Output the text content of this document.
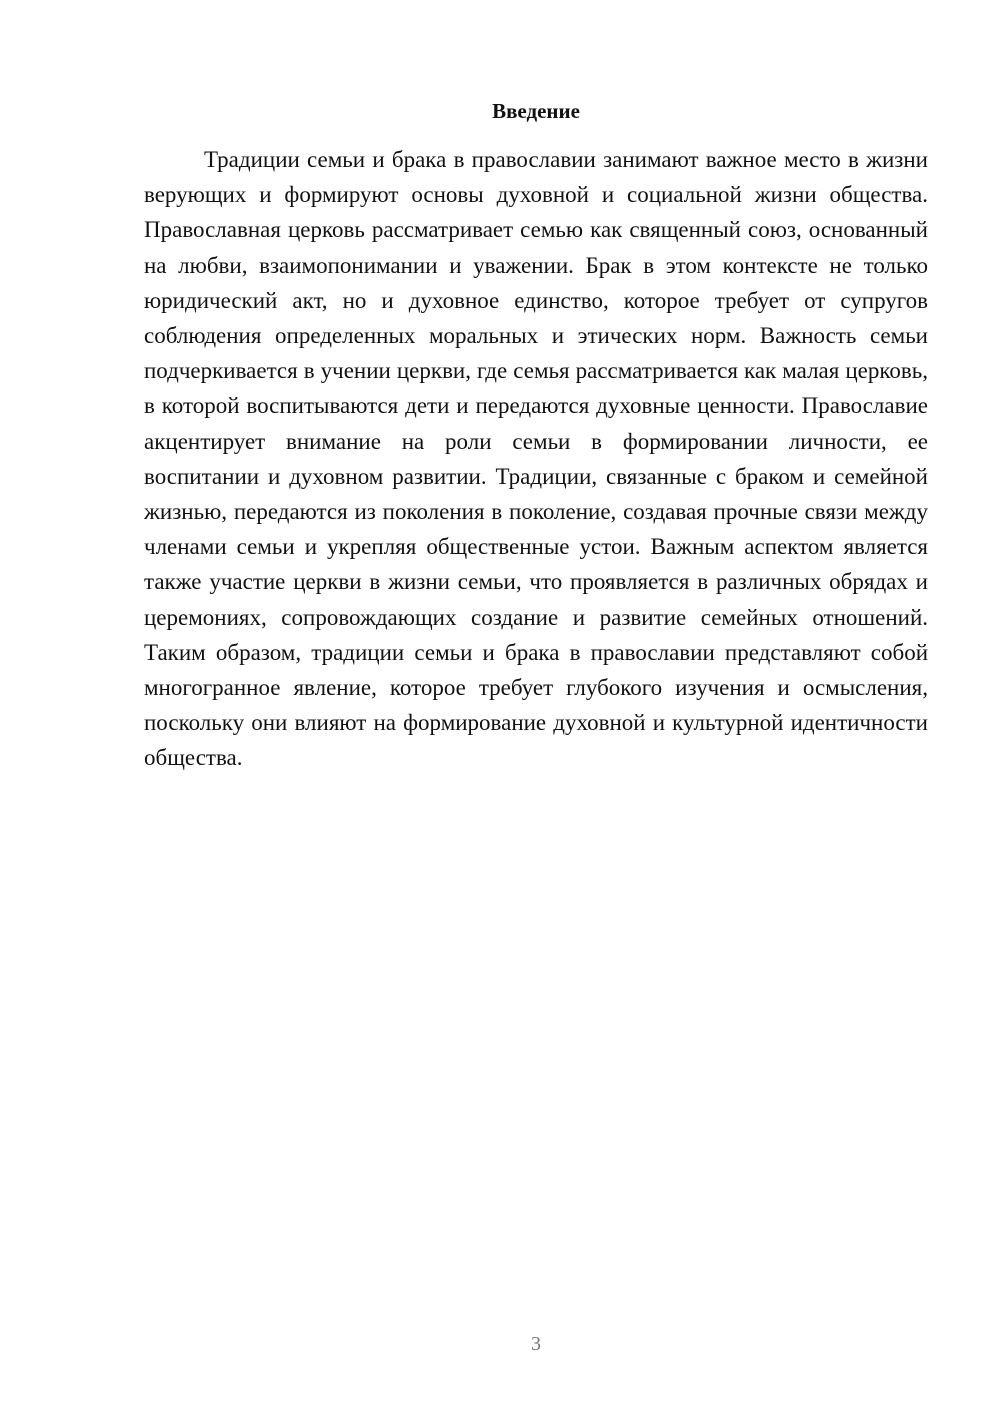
Введение

Традиции семьи и брака в православии занимают важное место в жизни верующих и формируют основы духовной и социальной жизни общества. Православная церковь рассматривает семью как священный союз, основанный на любви, взаимопонимании и уважении. Брак в этом контексте не только юридический акт, но и духовное единство, которое требует от супругов соблюдения определенных моральных и этических норм. Важность семьи подчеркивается в учении церкви, где семья рассматривается как малая церковь, в которой воспитываются дети и передаются духовные ценности. Православие акцентирует внимание на роли семьи в формировании личности, ее воспитании и духовном развитии. Традиции, связанные с браком и семейной жизнью, передаются из поколения в поколение, создавая прочные связи между членами семьи и укрепляя общественные устои. Важным аспектом является также участие церкви в жизни семьи, что проявляется в различных обрядах и церемониях, сопровождающих создание и развитие семейных отношений. Таким образом, традиции семьи и брака в православии представляют собой многогранное явление, которое требует глубокого изучения и осмысления, поскольку они влияют на формирование духовной и культурной идентичности общества.

3
